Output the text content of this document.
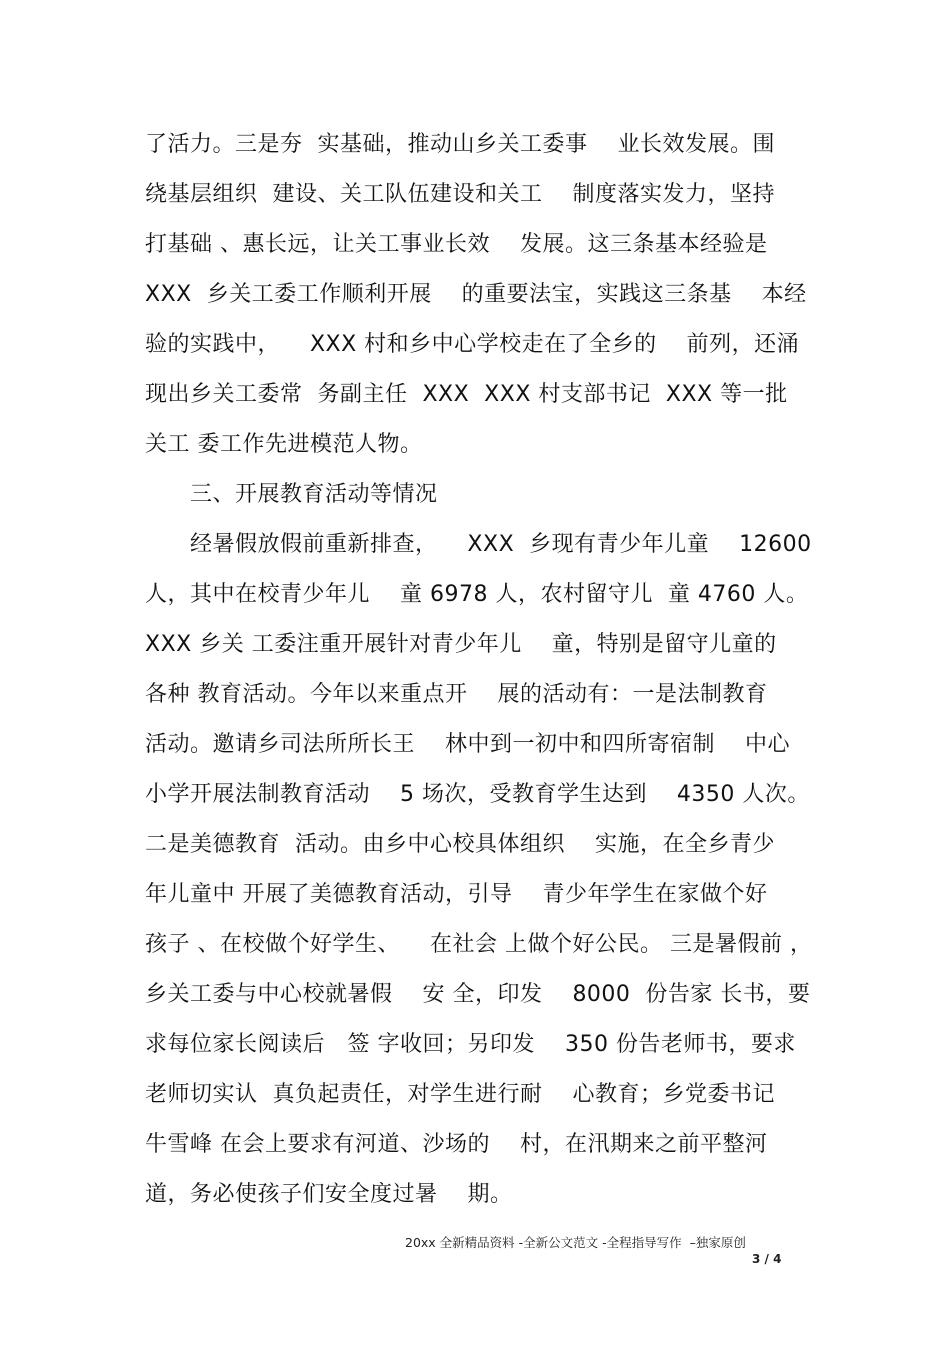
了活力。三是夯  实基础，推动山乡关工委事    业长效发展。围
绕基层组织  建设、关工队伍建设和关工    制度落实发力，坚持
打基础 、惠长远，让关工事业长效    发展。这三条基本经验是
XXX  乡关工委工作顺利开展    的重要法宝，实践这三条基    本经
验的实践中，    XXX 村和乡中心学校走在了全乡的    前列，还涌
现出乡关工委常  务副主任  XXX  XXX 村支部书记  XXX 等一批
关工 委工作先进模范人物。
三、开展教育活动等情况
经暑假放假前重新排查，    XXX  乡现有青少年儿童    12600
人，其中在校青少年儿    童 6978 人，农村留守儿  童 4760 人。
XXX 乡关 工委注重开展针对青少年儿    童，特别是留守儿童的
各种 教育活动。今年以来重点开    展的活动有：一是法制教育
活动。邀请乡司法所所长王    林中到一初中和四所寄宿制    中心
小学开展法制教育活动    5 场次，受教育学生达到    4350 人次。
二是美德教育  活动。由乡中心校具体组织    实施，在全乡青少
年儿童中 开展了美德教育活动，引导    青少年学生在家做个好
孩子 、在校做个好学生、    在社会 上做个好公民。 三是暑假前 ，
乡关工委与中心校就暑假    安 全，印发    8000  份告家 长书，要
求每位家长阅读后   签 字收回；另印发    350 份告老师书，要求
老师切实认  真负起责任，对学生进行耐    心教育；乡党委书记
牛雪峰 在会上要求有河道、沙场的    村，在汛期来之前平整河
道，务必使孩子们安全度过暑    期。
20xx 全新精品资料 -全新公文范文 -全程指导写作  –独家原创
3 / 4
